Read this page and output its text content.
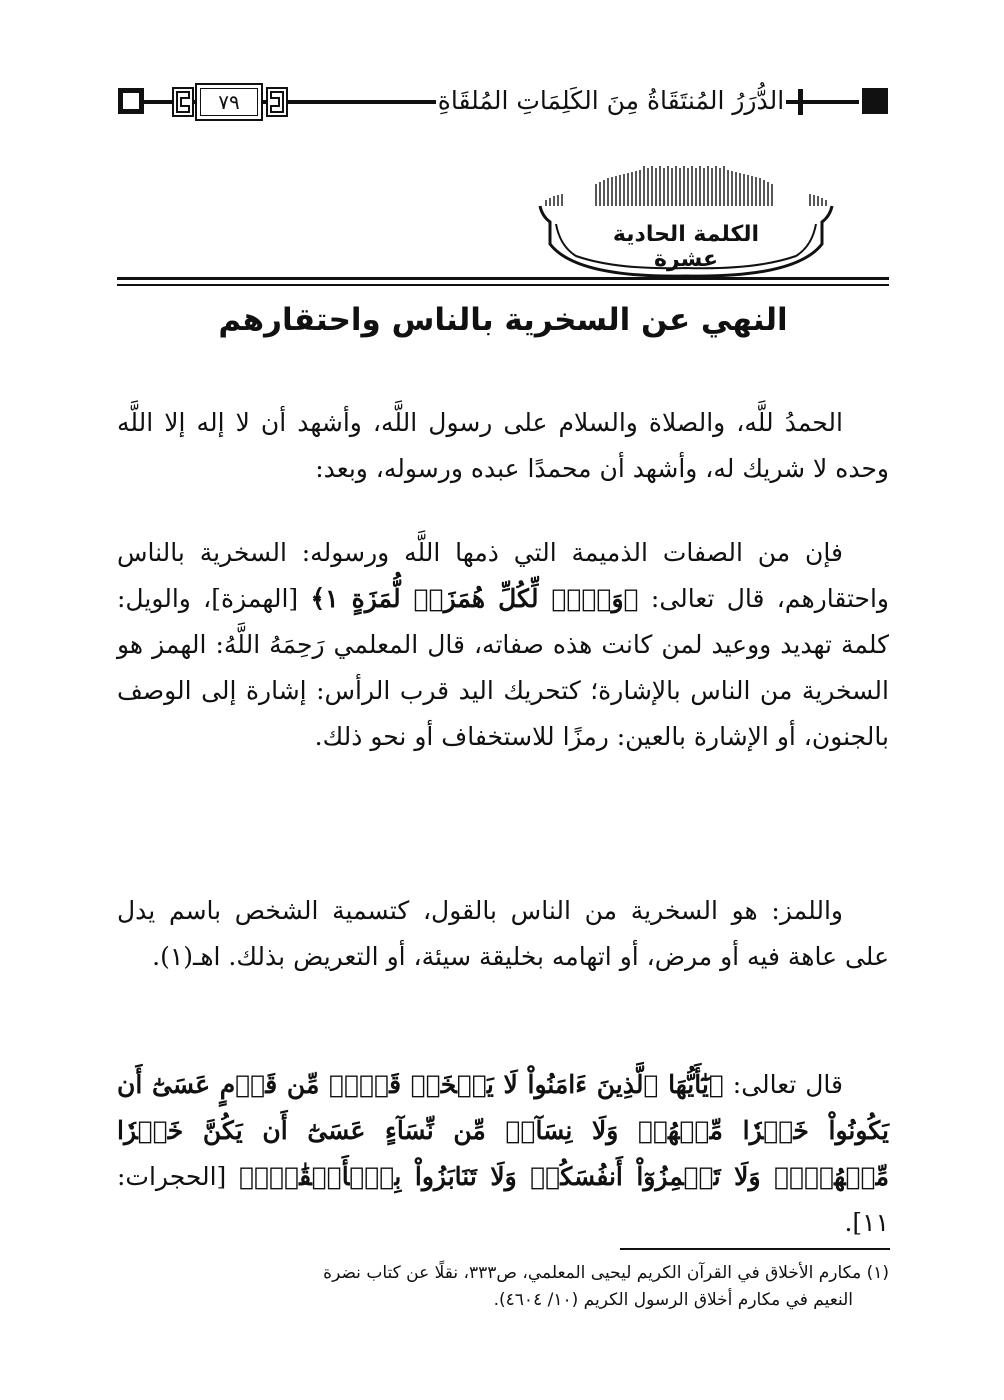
٧٩	الدُّرَرُ المُنتَقَاةُ مِنَ الكَلِمَاتِ المُلقَاةِ
الكلمة الحادية عشرة
النهي عن السخرية بالناس واحتقارهم

الحمدُ للَّه، والصلاة والسلام على رسول اللَّه، وأشهد أن لا إله إلا اللَّه وحده لا شريك له، وأشهد أن محمدًا عبده ورسوله، وبعد:

فإن من الصفات الذميمة التي ذمها اللَّه ورسوله: السخرية بالناس واحتقارهم، قال تعالى: ﴿وَيۡلٞ لِّكُلِّ هُمَزَةٖ لُّمَزَةٍ ١﴾ [الهمزة]، والويل: كلمة تهديد ووعيد لمن كانت هذه صفاته، قال المعلمي رَحِمَهُ اللَّهُ: الهمز هو السخرية من الناس بالإشارة؛ كتحريك اليد قرب الرأس: إشارة إلى الوصف بالجنون، أو الإشارة بالعين: رمزًا للاستخفاف أو نحو ذلك.

واللمز: هو السخرية من الناس بالقول، كتسمية الشخص باسم يدل على عاهة فيه أو مرض، أو اتهامه بخليقة سيئة، أو التعريض بذلك. اهـ(١).

قال تعالى: ﴿يَٰٓأَيُّهَا ٱلَّذِينَ ءَامَنُواْ لَا يَسۡخَرۡ قَوۡمٞ مِّن قَوۡمٍ عَسَىٰٓ أَن يَكُونُواْ خَيۡرٗا مِّنۡهُمۡ وَلَا نِسَآءٞ مِّن نِّسَآءٍ عَسَىٰٓ أَن يَكُنَّ خَيۡرٗا مِّنۡهُنَّۖ وَلَا تَلۡمِزُوٓاْ أَنفُسَكُمۡ وَلَا تَنَابَزُواْ بِٱلۡأَلۡقَٰبِۖ﴾ [الحجرات: ١١].

(١) مكارم الأخلاق في القرآن الكريم ليحيى المعلمي، ص٣٣٣، نقلًا عن كتاب نضرة

النعيم في مكارم أخلاق الرسول الكريم (١٠/ ٤٦٠٤).
